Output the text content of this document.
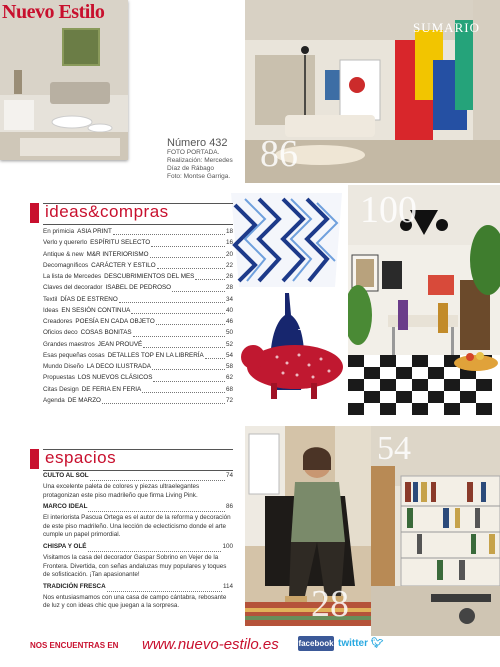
Nuevo Estilo
Número 432
FOTO PORTADA.
Realización: Mercedes
Díaz de Rábago
Foto: Montse Garriga.
86
SUMARIO
16
100
28
54
ideas&compras
En primicia ASIA PRINT	18
Verlo y quererlo ESPÍRITU SELECTO	16
Antique & new M&R INTERIORISMO	20
Decomagníficos CARÁCTER Y ESTILO	22
La lista de Mercedes DESCUBRIMIENTOS DEL MES	26
Claves del decorador ISABEL DE PEDROSO	28
Textil DÍAS DE ESTRENO	34
Ideas EN SESIÓN CONTINUA	40
Creadores POESÍA EN CADA OBJETO	46
Oficios deco COSAS BONITAS	50
Grandes maestros JEAN PROUVÉ	52
Esas pequeñas cosas DETALLES TOP EN LA LIBRERÍA	54
Mundo Diseño LA DECO ILUSTRADA	58
Propuestas LOS NUEVOS CLÁSICOS	62
Citas Design DE FERIA EN FERIA	68
Agenda DE MARZO	72
espacios
CULTO AL SOL	74
Una excelente paleta de colores y piezas ultraelegantes protagonizan este piso madrileño que firma Living Pink.
MARCO IDEAL	86
El interiorista Pascua Ortega es el autor de la reforma y decoración de este piso madrileño. Una lección de eclecticismo donde el arte cumple un papel primordial.
CHISPA Y OLÉ	100
Visitamos la casa del decorador Gaspar Sobrino en Vejer de la Frontera. Divertida, con señas andaluzas muy populares y toques de sofisticación. ¡Tan apasionante!
TRADICIÓN FRESCA	114
Nos entusiasmamos con una casa de campo cántabra, rebosante de luz y con ideas chic que juegan a la sorpresa.
NOS ENCUENTRAS EN www.nuevo-estilo.es facebook twitter 🐦︎
